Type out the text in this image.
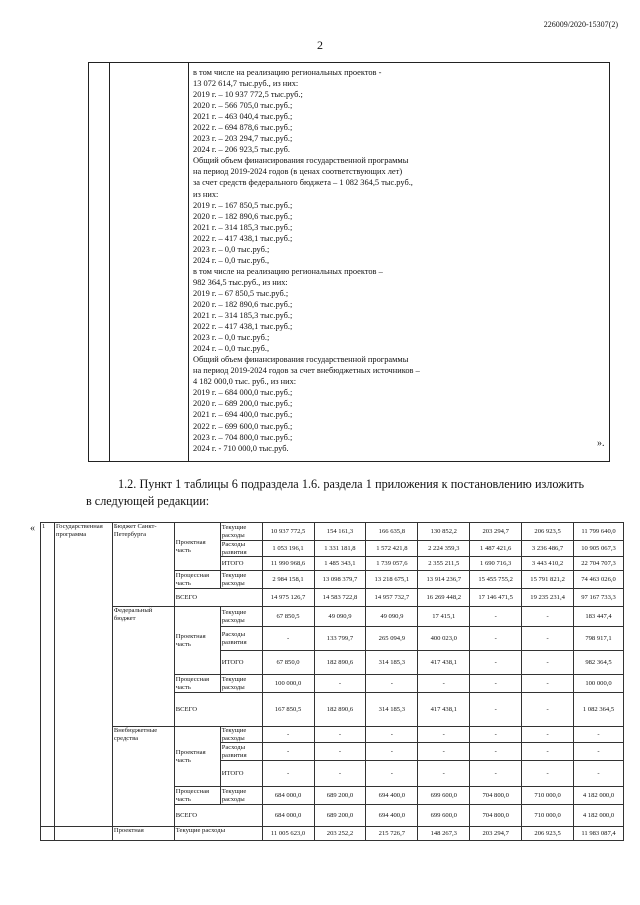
226009/2020-15307(2)
2

в том числе на реализацию региональных проектов -
13 072 614,7 тыс.руб., из них:
2019 г. – 10 937 772,5 тыс.руб.;
2020 г. – 566 705,0 тыс.руб.;
2021 г. – 463 040,4 тыс.руб.;
2022 г. – 694 878,6 тыс.руб.;
2023 г. – 203 294,7 тыс.руб.;
2024 г. – 206 923,5 тыс.руб.
Общий объем финансирования государственной программы
на период 2019-2024 годов (в ценах соответствующих лет)
за счет средств федерального бюджета – 1 082 364,5 тыс.руб.,
из них:
2019 г. – 167 850,5 тыс.руб.;
2020 г. – 182 890,6 тыс.руб.;
2021 г. – 314 185,3 тыс.руб.;
2022 г. – 417 438,1 тыс.руб.;
2023 г. – 0,0 тыс.руб.;
2024 г. – 0,0 тыс.руб.,
в том числе на реализацию региональных проектов –
982 364,5 тыс.руб., из них:
2019 г. – 67 850,5 тыс.руб.;
2020 г. – 182 890,6 тыс.руб.;
2021 г. – 314 185,3 тыс.руб.;
2022 г. – 417 438,1 тыс.руб.;
2023 г. – 0,0 тыс.руб.;
2024 г. – 0,0 тыс.руб.,
Общий объем финансирования государственной программы
на период 2019-2024 годов за счет внебюджетных источников –
4 182 000,0 тыс. руб., из них:
2019 г. – 684 000,0 тыс.руб.;
2020 г. – 689 200,0 тыс.руб.;
2021 г. – 694 400,0 тыс.руб.;
2022 г. – 699 600,0 тыс.руб.;
2023 г. – 704 800,0 тыс.руб.;
2024 г. - 710 000,0 тыс.руб.	».
1.2. Пункт 1 таблицы 6 подраздела 1.6. раздела 1 приложения к постановлению изложить в следующей редакции:
« 1	Государственная программа	Бюджет Санкт-Петербурга	Проектная часть	Текущие расходы	10 937 772,5	154 161,3	166 635,8	130 852,2	203 294,7	206 923,5	11 799 640,0
				Расходы развития	1 053 196,1	1 331 181,8	1 572 421,8	2 224 359,3	1 487 421,6	3 236 486,7	10 905 067,3
				ИТОГО	11 990 968,6	1 485 343,1	1 739 057,6	2 355 211,5	1 690 716,3	3 443 410,2	22 704 707,3
			Процессная часть	Текущие расходы	2 984 158,1	13 098 379,7	13 218 675,1	13 914 236,7	15 455 755,2	15 791 821,2	74 463 026,0
			ВСЕГО		14 975 126,7	14 583 722,8	14 957 732,7	16 269 448,2	17 146 471,5	19 235 231,4	97 167 733,3
		Федеральный бюджет	Проектная часть	Текущие расходы	67 850,5	49 090,9	49 090,9	17 415,1	-	-	183 447,4
				Расходы развития	-	133 799,7	265 094,9	400 023,0	-	-	798 917,1
				ИТОГО	67 850,0	182 890,6	314 185,3	417 438,1	-	-	982 364,5
			Процессная часть	Текущие расходы	100 000,0	-	-	-	-	-	100 000,0
			ВСЕГО		167 850,5	182 890,6	314 185,3	417 438,1	-	-	1 082 364,5
		Внебюджетные средства	Проектная часть	Текущие расходы	-	-	-	-	-	-	-
				Расходы развития	-	-	-	-	-	-	-
				ИТОГО	-	-	-	-	-	-	-
			Процессная часть	Текущие расходы	684 000,0	689 200,0	694 400,0	699 600,0	704 800,0	710 000,0	4 182 000,0
			ВСЕГО		684 000,0	689 200,0	694 400,0	699 600,0	704 800,0	710 000,0	4 182 000,0
		Проектная	Текущие расходы		11 005 623,0	203 252,2	215 726,7	148 267,3	203 294,7	206 923,5	11 983 087,4
